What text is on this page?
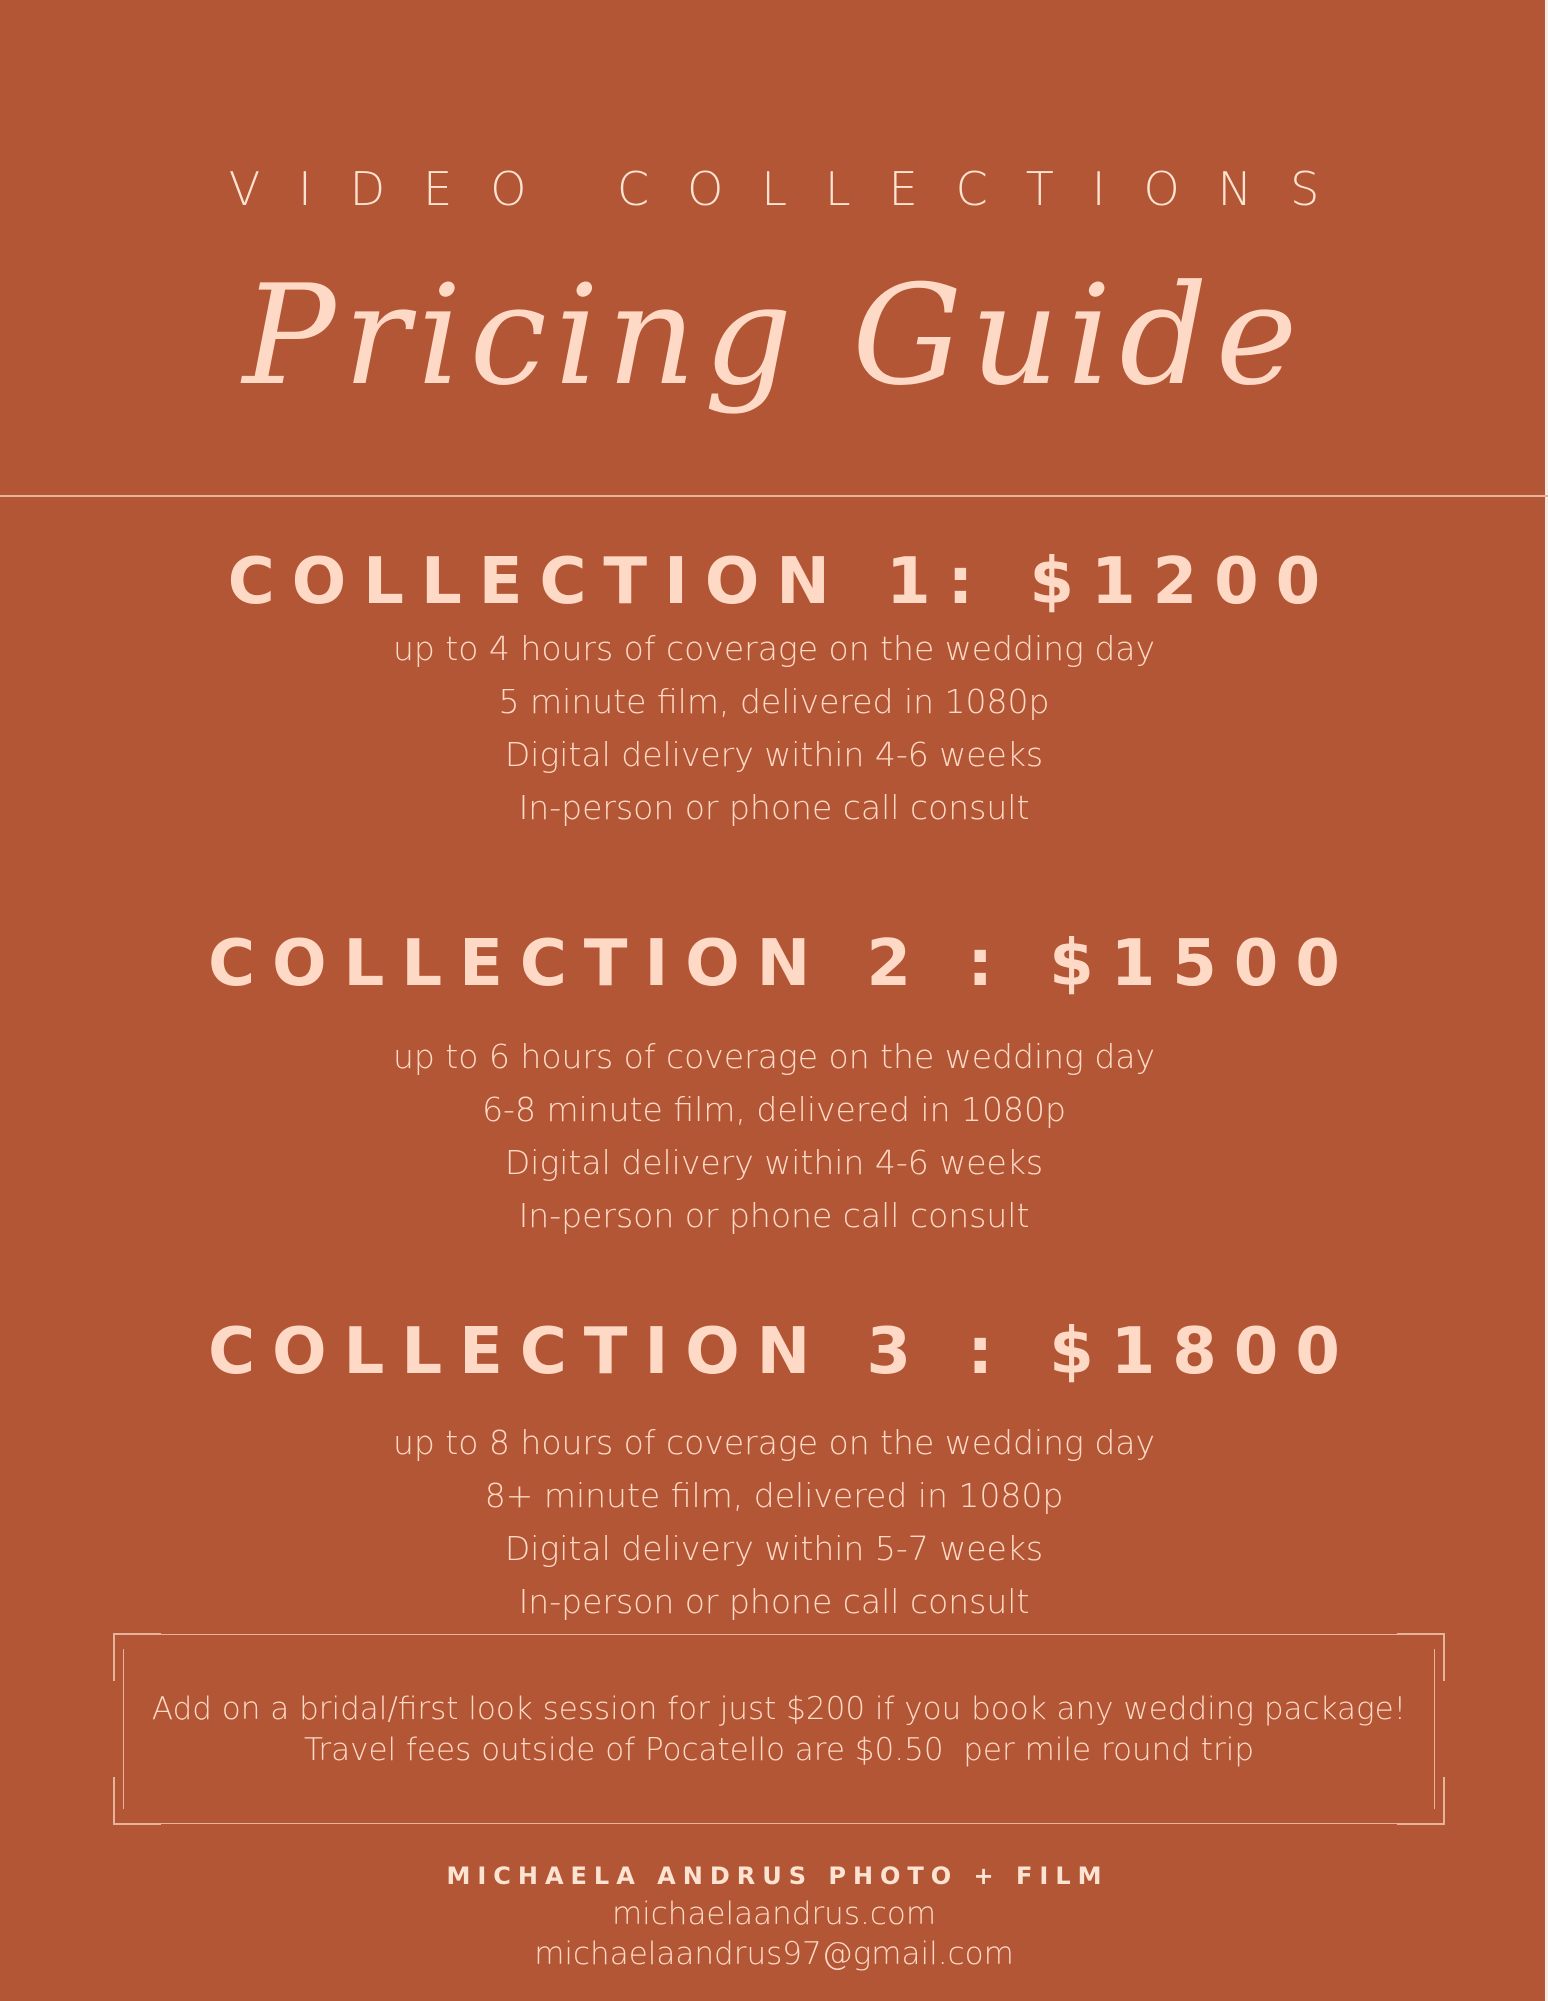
VIDEO COLLECTIONS
Pricing Guide
COLLECTION 1: $1200
up to 4 hours of coverage on the wedding day
5 minute film, delivered in 1080p
Digital delivery within 4-6 weeks
In-person or phone call consult
COLLECTION 2 : $1500
up to 6 hours of coverage on the wedding day
6-8 minute film, delivered in 1080p
Digital delivery within 4-6 weeks
In-person or phone call consult
COLLECTION 3 : $1800
up to 8 hours of coverage on the wedding day
8+ minute film, delivered in 1080p
Digital delivery within 5-7 weeks
In-person or phone call consult
Add on a bridal/first look session for just $200 if you book any wedding package!
Travel fees outside of Pocatello are $0.50  per mile round trip
MICHAELA ANDRUS PHOTO + FILM
michaelaandrus.com
michaelaandrus97@gmail.com
